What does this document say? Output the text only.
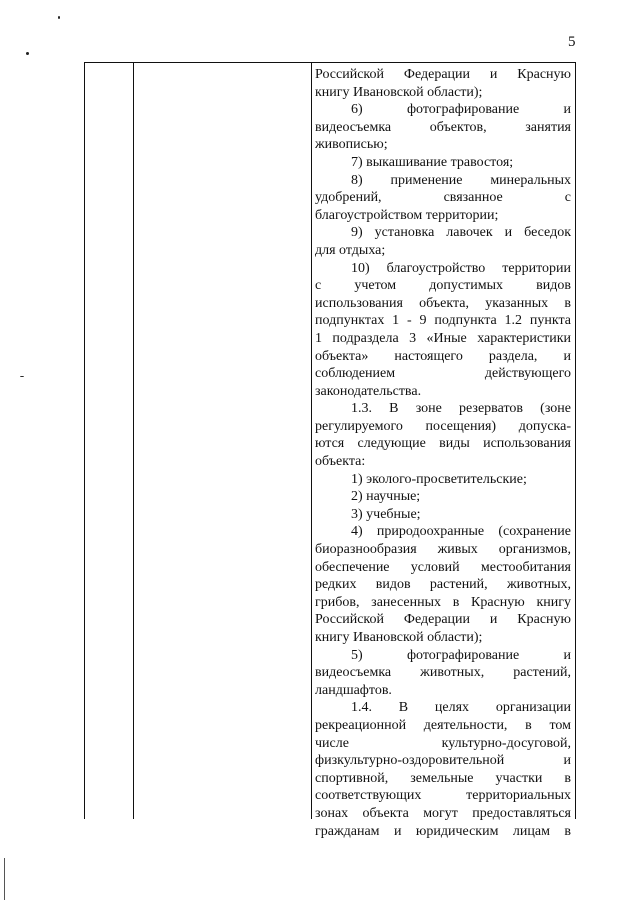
5
Российской Федерации и Красную
книгу Ивановской области);
6) фотографирование и
видеосъемка объектов, занятия
живописью;
7) выкашивание травостоя;
8) применение минеральных
удобрений, связанное с
благоустройством территории;
9) установка лавочек и беседок
для отдыха;
10) благоустройство территории
с учетом допустимых видов
использования объекта, указанных в
подпунктах 1 - 9 подпункта 1.2 пункта
1 подраздела 3 «Иные характеристики
объекта» настоящего раздела, и
соблюдением действующего
законодательства.
1.3. В зоне резерватов (зоне
регулируемого посещения) допуска-
ются следующие виды использования
объекта:
1) эколого-просветительские;
2) научные;
3) учебные;
4) природоохранные (сохранение
биоразнообразия живых организмов,
обеспечение условий местообитания
редких видов растений, животных,
грибов, занесенных в Красную книгу
Российской Федерации и Красную
книгу Ивановской области);
5) фотографирование и
видеосъемка животных, растений,
ландшафтов.
1.4. В целях организации
рекреационной деятельности, в том
числе культурно-досуговой,
физкультурно-оздоровительной и
спортивной, земельные участки в
соответствующих территориальных
зонах объекта могут предоставляться
гражданам и юридическим лицам в
